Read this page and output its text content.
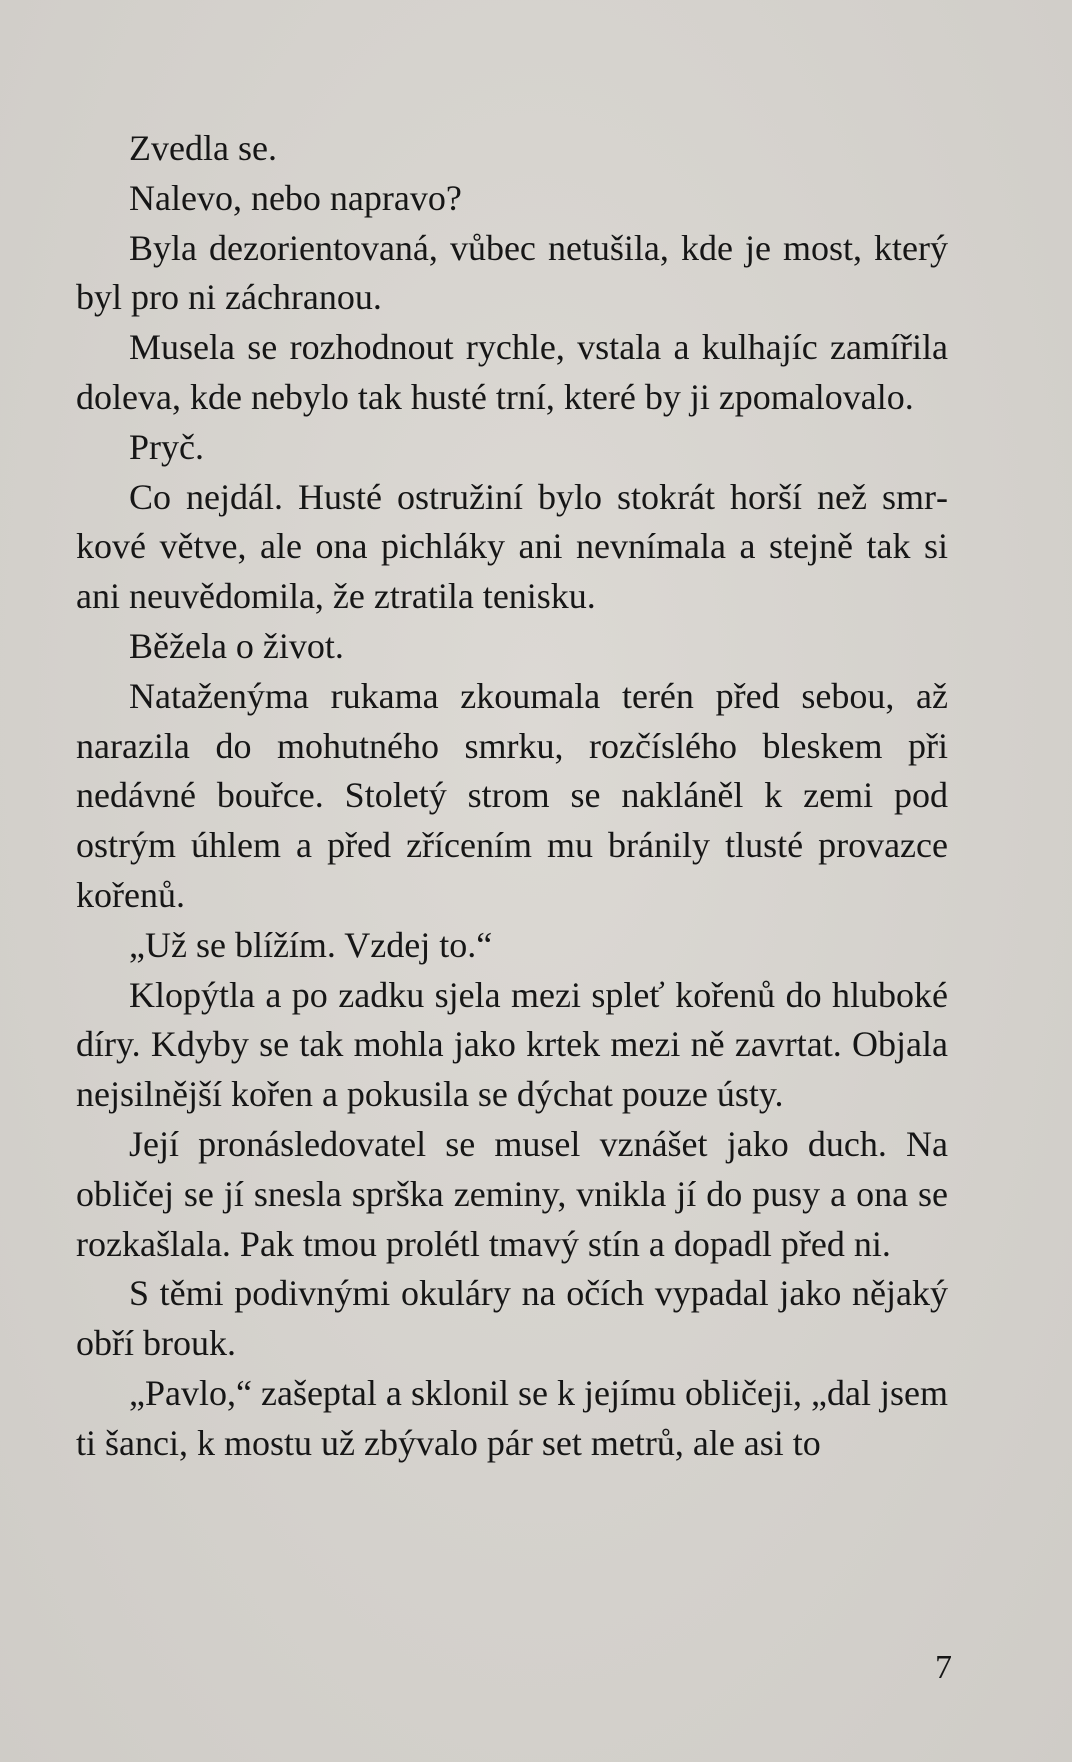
Zvedla se.

Nalevo, nebo napravo?

Byla dezorientovaná, vůbec netušila, kde je most, který byl pro ni záchranou.

Musela se rozhodnout rychle, vstala a kulhajíc zamířila doleva, kde nebylo tak husté trní, které by ji zpomalovalo.

Pryč.

Co nejdál. Husté ostružiní bylo stokrát horší než smrkové větve, ale ona pichláky ani nevnímala a stejně tak si ani neuvědomila, že ztratila tenisku.

Běžela o život.

Nataženýma rukama zkoumala terén před sebou, až narazila do mohutného smrku, rozčíslého bleskem při nedávné bouřce. Stoletý strom se nakláněl k zemi pod ostrým úhlem a před zřícením mu bránily tlusté provazce kořenů.

„Už se blížím. Vzdej to.“

Klopýtla a po zadku sjela mezi spleť kořenů do hluboké díry. Kdyby se tak mohla jako krtek mezi ně zavrtat. Objala nejsilnější kořen a pokusila se dýchat pouze ústy.

Její pronásledovatel se musel vznášet jako duch. Na obličej se jí snesla sprška zeminy, vnikla jí do pusy a ona se rozkašlala. Pak tmou prolétl tmavý stín a dopadl před ni.

S těmi podivnými okuláry na očích vypadal jako nějaký obří brouk.

„Pavlo,“ zašeptal a sklonil se k jejímu obličeji, „dal jsem ti šanci, k mostu už zbývalo pár set metrů, ale asi to

7
